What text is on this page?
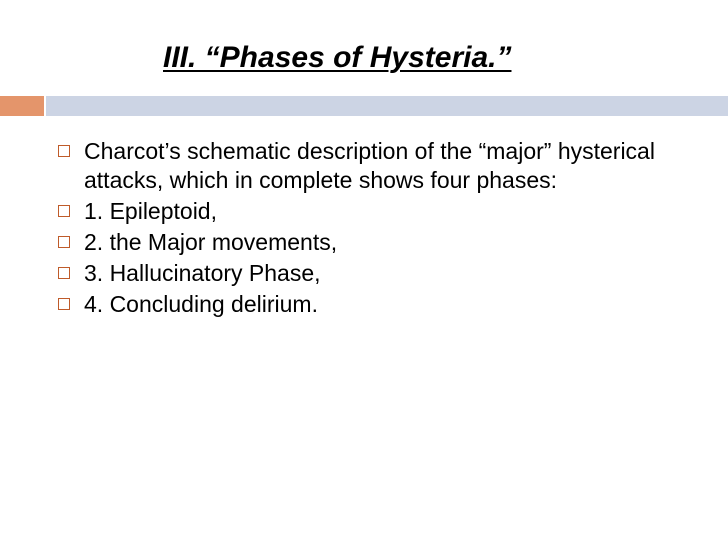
III. “Phases of Hysteria.”
Charcot’s schematic description of the “major” hysterical attacks, which in complete shows four phases:
1. Epileptoid,
2. the Major movements,
3. Hallucinatory Phase,
4. Concluding delirium.
